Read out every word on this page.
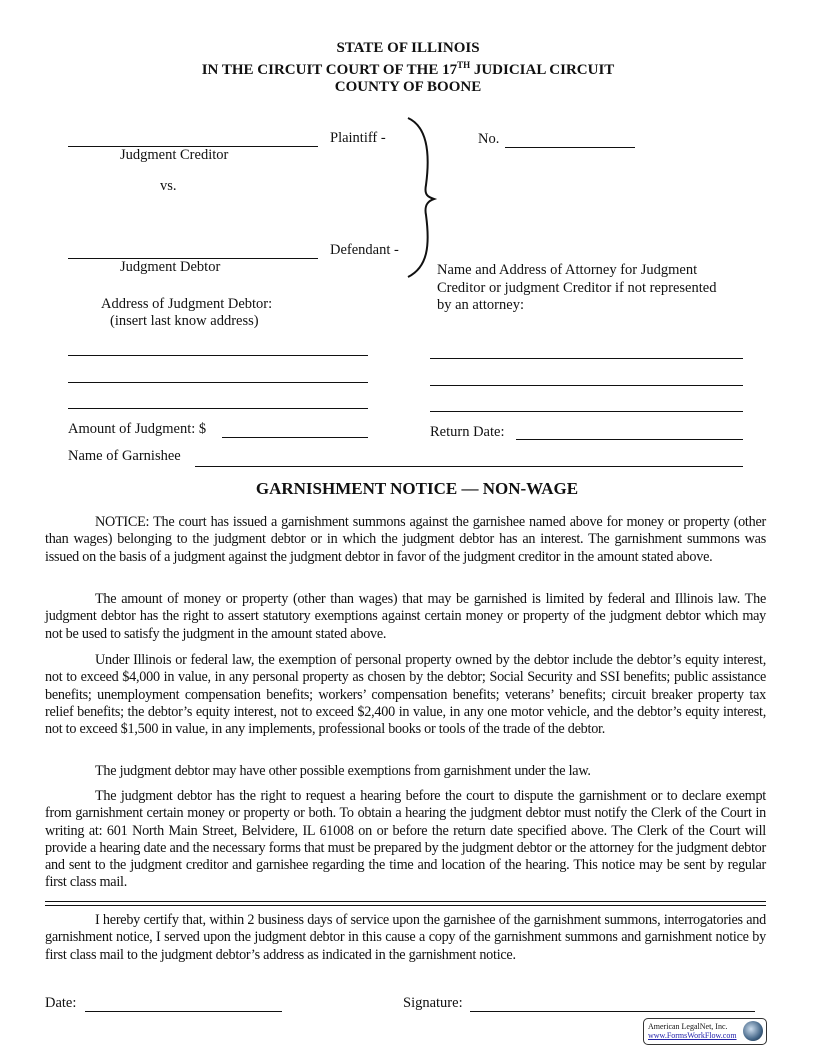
STATE OF ILLINOIS
IN THE CIRCUIT COURT OF THE 17TH JUDICIAL CIRCUIT
COUNTY OF BOONE
Plaintiff -
Judgment Creditor
vs.
Defendant -
Judgment Debtor
No.
Address of Judgment Debtor:
(insert last know address)
Name and Address of Attorney for Judgment
Creditor or judgment Creditor if not represented
by an attorney:
Amount of Judgment: $	Return Date:
Name of Garnishee
GARNISHMENT NOTICE — NON-WAGE
NOTICE: The court has issued a garnishment summons against the garnishee named above for money or property (other than wages) belonging to the judgment debtor or in which the judgment debtor has an interest. The garnishment summons was issued on the basis of a judgment against the judgment debtor in favor of the judgment creditor in the amount stated above.
The amount of money or property (other than wages) that may be garnished is limited by federal and Illinois law. The judgment debtor has the right to assert statutory exemptions against certain money or property of the judgment debtor which may not be used to satisfy the judgment in the amount stated above.
Under Illinois or federal law, the exemption of personal property owned by the debtor include the debtor’s equity interest, not to exceed $4,000 in value, in any personal property as chosen by the debtor; Social Security and SSI benefits; public assistance benefits; unemployment compensation benefits; workers’ compensation benefits; veterans’ benefits; circuit breaker property tax relief benefits; the debtor’s equity interest, not to exceed $2,400 in value, in any one motor vehicle, and the debtor’s equity interest, not to exceed $1,500 in value, in any implements, professional books or tools of the trade of the debtor.
The judgment debtor may have other possible exemptions from garnishment under the law.
The judgment debtor has the right to request a hearing before the court to dispute the garnishment or to declare exempt from garnishment certain money or property or both. To obtain a hearing the judgment debtor must notify the Clerk of the Court in writing at: 601 North Main Street, Belvidere, IL 61008 on or before the return date specified above. The Clerk of the Court will provide a hearing date and the necessary forms that must be prepared by the judgment debtor or the attorney for the judgment debtor and sent to the judgment creditor and garnishee regarding the time and location of the hearing. This notice may be sent by regular first class mail.
I hereby certify that, within 2 business days of service upon the garnishee of the garnishment summons, interrogatories and garnishment notice, I served upon the judgment debtor in this cause a copy of the garnishment summons and garnishment notice by first class mail to the judgment debtor’s address as indicated in the garnishment notice.
Date:	Signature:
American LegalNet, Inc.
www.FormsWorkFlow.com
